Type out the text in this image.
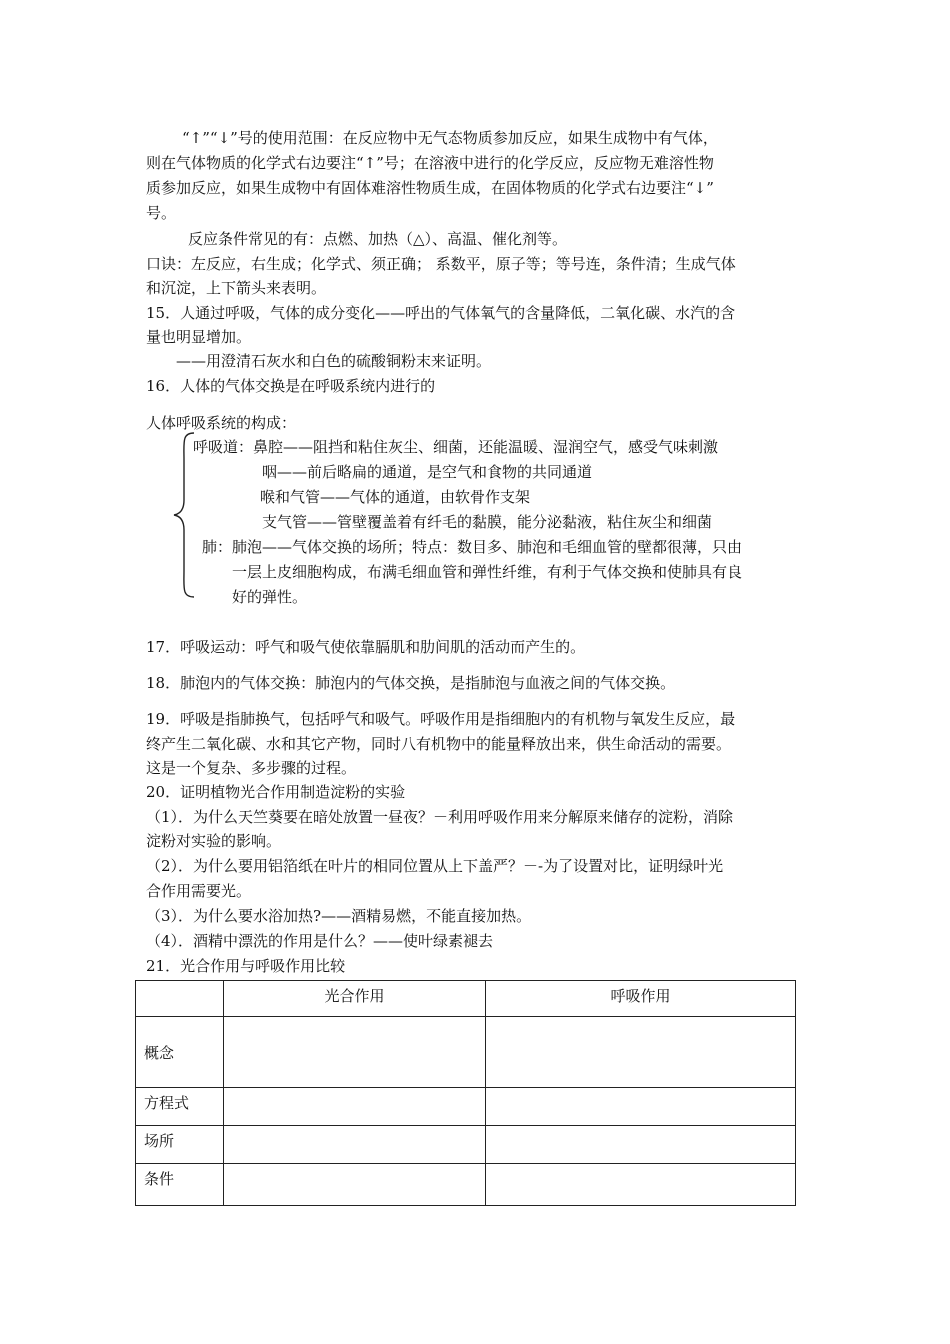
“↑”“↓”号的使用范围：在反应物中无气态物质参加反应，如果生成物中有气体，
则在气体物质的化学式右边要注“↑”号；在溶液中进行的化学反应，反应物无难溶性物
质参加反应，如果生成物中有固体难溶性物质生成，在固体物质的化学式右边要注“↓”
号。
反应条件常见的有：点燃、加热（△）、高温、催化剂等。
口诀：左反应，右生成；化学式、须正确； 系数平，原子等；等号连，条件清；生成气体
和沉淀，上下箭头来表明。
15．人通过呼吸，气体的成分变化——呼出的气体氧气的含量降低，二氧化碳、水汽的含
量也明显增加。
——用澄清石灰水和白色的硫酸铜粉末来证明。
16．人体的气体交换是在呼吸系统内进行的
人体呼吸系统的构成：
呼吸道：鼻腔——阻挡和粘住灰尘、细菌，还能温暖、湿润空气，感受气味刺激
咽——前后略扁的通道，是空气和食物的共同通道
喉和气管——气体的通道，由软骨作支架
支气管——管壁覆盖着有纤毛的黏膜，能分泌黏液，粘住灰尘和细菌
肺：肺泡——气体交换的场所；特点：数目多、肺泡和毛细血管的壁都很薄，只由
一层上皮细胞构成，布满毛细血管和弹性纤维，有利于气体交换和使肺具有良
好的弹性。
17．呼吸运动：呼气和吸气使依靠膈肌和肋间肌的活动而产生的。
18．肺泡内的气体交换：肺泡内的气体交换，是指肺泡与血液之间的气体交换。
19．呼吸是指肺换气，包括呼气和吸气。呼吸作用是指细胞内的有机物与氧发生反应，最
终产生二氧化碳、水和其它产物，同时八有机物中的能量释放出来，供生命活动的需要。
这是一个复杂、多步骤的过程。
20．证明植物光合作用制造淀粉的实验
（1）．为什么天竺葵要在暗处放置一昼夜？－利用呼吸作用来分解原来储存的淀粉，消除
淀粉对实验的影响。
（2）．为什么要用铝箔纸在叶片的相同位置从上下盖严？－-为了设置对比，证明绿叶光
合作用需要光。
（3）．为什么要水浴加热?——酒精易燃，不能直接加热。
（4）．酒精中漂洗的作用是什么？——使叶绿素褪去
21．光合作用与呼吸作用比较
	光合作用	呼吸作用
概念		
方程式		
场所		
条件		
